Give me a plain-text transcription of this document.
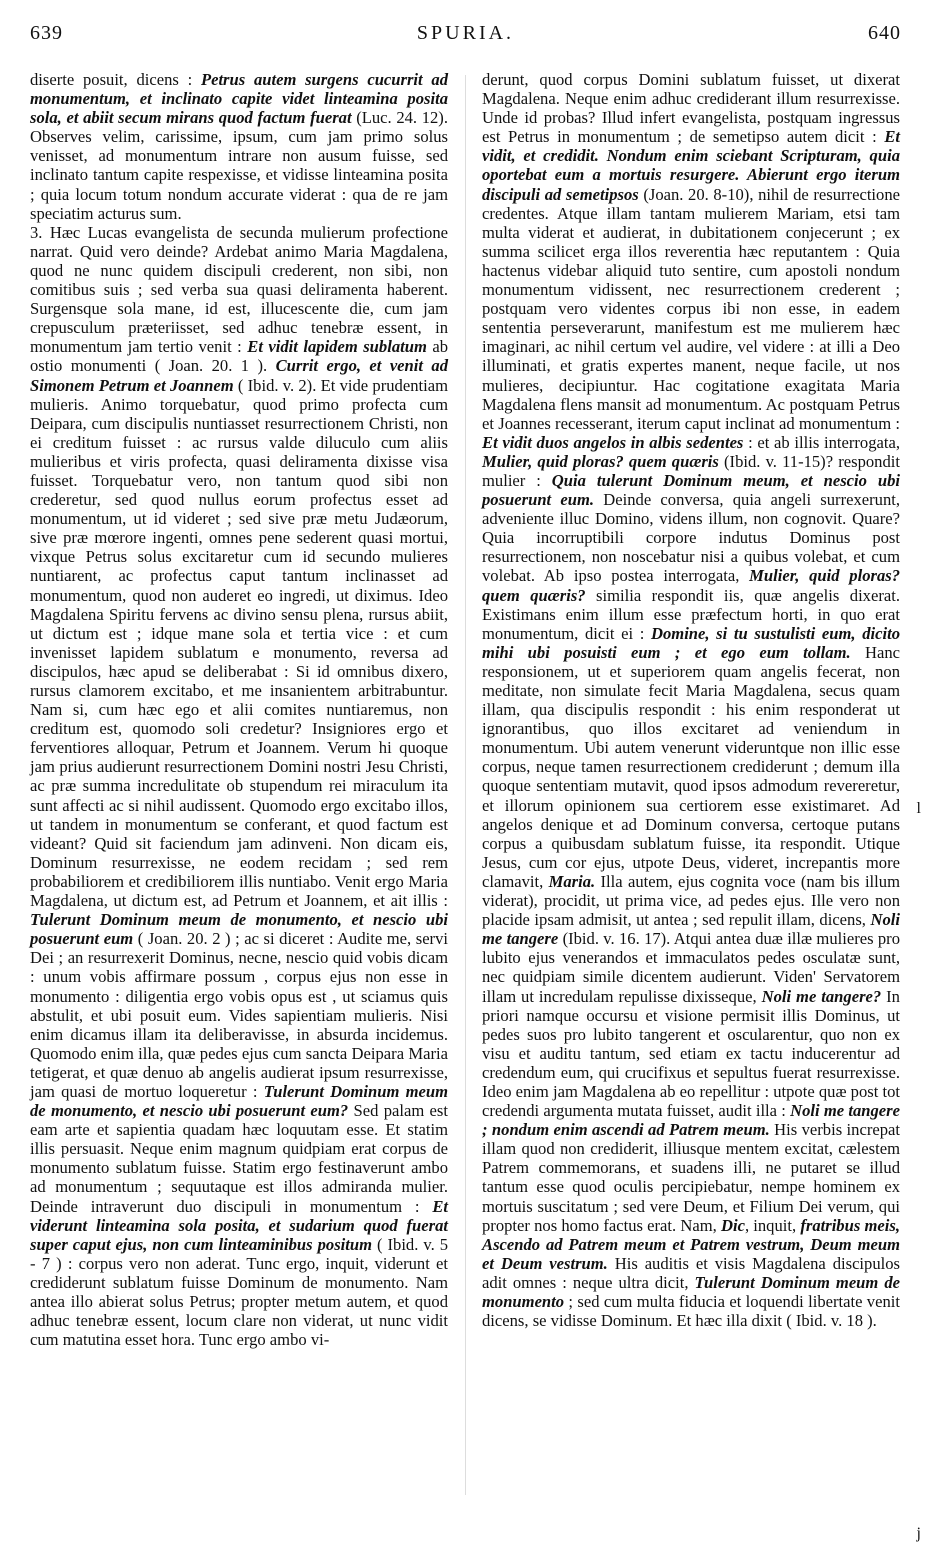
639	SPURIA.	640

diserte posuit, dicens : Petrus autem surgens cucurrit ad monumentum, et inclinato capite videt linteamina posita sola, et abiit secum mirans quod factum fuerat (Luc. 24. 12). Observes velim, carissime, ipsum, cum jam primo solus venisset, ad monumentum intrare non ausum fuisse, sed inclinato tantum capite respexisse, et vidisse linteamina posita ; quia locum totum nondum accurate viderat : qua de re jam speciatim acturus sum.

3. Hæc Lucas evangelista de secunda mulierum profectione narrat. Quid vero deinde? Ardebat animo Maria Magdalena, quod ne nunc quidem discipuli crederent, non sibi, non comitibus suis ; sed verba sua quasi deliramenta haberent. Surgensque sola mane, id est, illucescente die, cum jam crepusculum præteriisset, sed adhuc tenebræ essent, in monumentum jam tertio venit : Et vidit lapidem sublatum ab ostio monumenti ( Joan. 20. 1 ). Currit ergo, et venit ad Simonem Petrum et Joannem ( Ibid. v. 2). Et vide prudentiam mulieris. Animo torquebatur, quod primo profecta cum Deipara, cum discipulis nuntiasset resurrectionem Christi, non ei creditum fuisset : ac rursus valde diluculo cum aliis mulieribus et viris profecta, quasi deliramenta dixisse visa fuisset. Torquebatur vero, non tantum quod sibi non crederetur, sed quod nullus eorum profectus esset ad monumentum, ut id videret ; sed sive præ metu Judæorum, sive præ mœrore ingenti, omnes pene sederent quasi mortui, vixque Petrus solus excitaretur cum id secundo mulieres nuntiarent, ac profectus caput tantum inclinasset ad monumentum, quod non auderet eo ingredi, ut diximus. Ideo Magdalena Spiritu fervens ac divino sensu plena, rursus abiit, ut dictum est ; idque mane sola et tertia vice : et cum invenisset lapidem sublatum e monumento, reversa ad discipulos, hæc apud se deliberabat : Si id omnibus dixero, rursus clamorem excitabo, et me insanientem arbitrabuntur. Nam si, cum hæc ego et alii comites nuntiaremus, non creditum est, quomodo soli credetur? Insigniores ergo et ferventiores alloquar, Petrum et Joannem. Verum hi quoque jam prius audierunt resurrectionem Domini nostri Jesu Christi, ac præ summa incredulitate ob stupendum rei miraculum ita sunt affecti ac si nihil audissent. Quomodo ergo excitabo illos, ut tandem in monumentum se conferant, et quod factum est videant? Quid sit faciendum jam adinveni. Non dicam eis, Dominum resurrexisse, ne eodem recidam ; sed rem probabiliorem et credibiliorem illis nuntiabo. Venit ergo Maria Magdalena, ut dictum est, ad Petrum et Joannem, et ait illis : Tulerunt Dominum meum de monumento, et nescio ubi posuerunt eum ( Joan. 20. 2 ) ; ac si diceret : Audite me, servi Dei ; an resurrexerit Dominus, necne, nescio quid vobis dicam : unum vobis affirmare possum , corpus ejus non esse in monumento : diligentia ergo vobis opus est , ut sciamus quis abstulit, et ubi posuit eum. Vides sapientiam mulieris. Nisi enim dicamus illam ita deliberavisse, in absurda incidemus. Quomodo enim illa, quæ pedes ejus cum sancta Deipara Maria tetigerat, et quæ denuo ab angelis audierat ipsum resurrexisse, jam quasi de mortuo loqueretur : Tulerunt Dominum meum de monumento, et nescio ubi posuerunt eum? Sed palam est eam arte et sapientia quadam hæc loquutam esse. Et statim illis persuasit. Neque enim magnum quidpiam erat corpus de monumento sublatum fuisse. Statim ergo festinaverunt ambo ad monumentum ; sequutaque est illos admiranda mulier. Deinde intraverunt duo discipuli in monumentum : Et viderunt linteamina sola posita, et sudarium quod fuerat super caput ejus, non cum linteaminibus positum ( Ibid. v. 5 - 7 ) : corpus vero non aderat. Tunc ergo, inquit, viderunt et crediderunt sublatum fuisse Dominum de monumento. Nam antea illo abierat solus Petrus; propter metum autem, et quod adhuc tenebræ essent, locum clare non viderat, ut nunc vidit cum matutina esset hora. Tunc ergo ambo vi-

derunt, quod corpus Domini sublatum fuisset, ut dixerat Magdalena. Neque enim adhuc crediderant illum resurrexisse. Unde id probas? Illud infert evangelista, postquam ingressus est Petrus in monumentum ; de semetipso autem dicit : Et vidit, et credidit. Nondum enim sciebant Scripturam, quia oportebat eum a mortuis resurgere. Abierunt ergo iterum discipuli ad semetipsos (Joan. 20. 8-10), nihil de resurrectione credentes. Atque illam tantam mulierem Mariam, etsi tam multa viderat et audierat, in dubitationem conjecerunt ; ex summa scilicet erga illos reverentia hæc reputantem : Quia hactenus videbar aliquid tuto sentire, cum apostoli nondum monumentum vidissent, nec resurrectionem crederent ; postquam vero videntes corpus ibi non esse, in eadem sententia perseverarunt, manifestum est me mulierem hæc imaginari, ac nihil certum vel audire, vel videre : at illi a Deo illuminati, et gratis expertes manent, neque facile, ut nos mulieres, decipiuntur. Hac cogitatione exagitata Maria Magdalena flens mansit ad monumentum. Ac postquam Petrus et Joannes recesserant, iterum caput inclinat ad monumentum : Et vidit duos angelos in albis sedentes : et ab illis interrogata, Mulier, quid ploras? quem quæris (Ibid. v. 11-15)? respondit mulier : Quia tulerunt Dominum meum, et nescio ubi posuerunt eum. Deinde conversa, quia angeli surrexerunt, adveniente illuc Domino, videns illum, non cognovit. Quare? Quia incorruptibili corpore indutus Dominus post resurrectionem, non noscebatur nisi a quibus volebat, et cum volebat. Ab ipso postea interrogata, Mulier, quid ploras? quem quæris? similia respondit iis, quæ angelis dixerat. Existimans enim illum esse præfectum horti, in quo erat monumentum, dicit ei : Domine, si tu sustulisti eum, dicito mihi ubi posuisti eum ; et ego eum tollam. Hanc responsionem, ut et superiorem quam angelis fecerat, non meditate, non simulate fecit Maria Magdalena, secus quam illam, qua discipulis respondit : his enim responderat ut ignorantibus, quo illos excitaret ad veniendum in monumentum. Ubi autem venerunt videruntque non illic esse corpus, neque tamen resurrectionem crediderunt ; demum illa quoque sententiam mutavit, quod ipsos admodum revereretur, et illorum opinionem sua certiorem esse existimaret. Ad angelos denique et ad Dominum conversa, certoque putans corpus a quibusdam sublatum fuisse, ita respondit. Utique Jesus, cum cor ejus, utpote Deus, videret, increpantis more clamavit, Maria. Illa autem, ejus cognita voce (nam bis illum viderat), procidit, ut prima vice, ad pedes ejus. Ille vero non placide ipsam admisit, ut antea ; sed repulit illam, dicens, Noli me tangere (Ibid. v. 16. 17). Atqui antea duæ illæ mulieres pro lubito ejus venerandos et immaculatos pedes osculatæ sunt, nec quidpiam simile dicentem audierunt. Viden' Servatorem illam ut incredulam repulisse dixisseque, Noli me tangere? In priori namque occursu et visione permisit illis Dominus, ut pedes suos pro lubito tangerent et oscularentur, quo non ex visu et auditu tantum, sed etiam ex tactu inducerentur ad credendum eum, qui crucifixus et sepultus fuerat resurrexisse. Ideo enim jam Magdalena ab eo repellitur : utpote quæ post tot credendi argumenta mutata fuisset, audit illa : Noli me tangere ; nondum enim ascendi ad Patrem meum. His verbis increpat illam quod non crediderit, illiusque mentem excitat, cælestem Patrem commemorans, et suadens illi, ne putaret se illud tantum esse quod oculis percipiebatur, nempe hominem ex mortuis suscitatum ; sed vere Deum, et Filium Dei verum, qui propter nos homo factus erat. Nam, Dic, inquit, fratribus meis, Ascendo ad Patrem meum et Patrem vestrum, Deum meum et Deum vestrum. His auditis et visis Magdalena discipulos adit omnes : neque ultra dicit, Tulerunt Dominum meum de monumento ; sed cum multa fiducia et loquendi libertate venit dicens, se vidisse Dominum. Et hæc illa dixit ( Ibid. v. 18 ).

l
j
